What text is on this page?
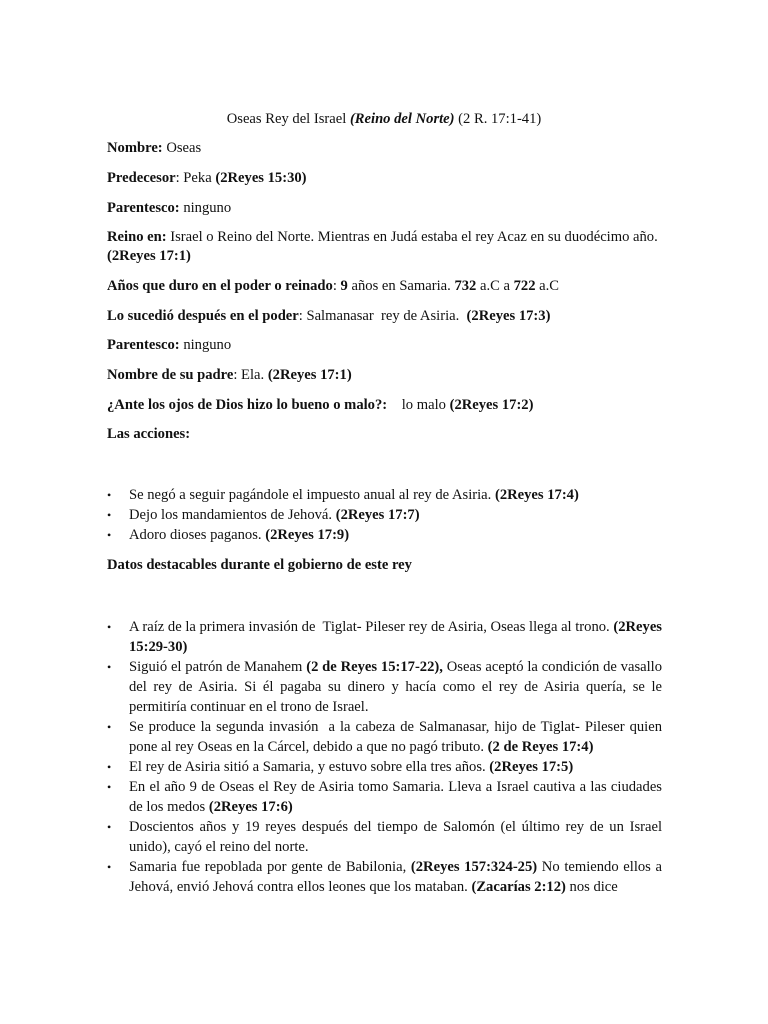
Oseas Rey del Israel (Reino del Norte) (2 R. 17:1-41)
Nombre: Oseas
Predecesor: Peka (2Reyes 15:30)
Parentesco: ninguno
Reino en: Israel o Reino del Norte. Mientras en Judá estaba el rey Acaz en su duodécimo año. (2Reyes 17:1)
Años que duro en el poder o reinado: 9 años en Samaria. 732 a.C a 722 a.C
Lo sucedió después en el poder: Salmanasar  rey de Asiria.  (2Reyes 17:3)
Parentesco: ninguno
Nombre de su padre: Ela. (2Reyes 17:1)
¿Ante los ojos de Dios hizo lo bueno o malo?:    lo malo (2Reyes 17:2)
Las acciones:
• Se negó a seguir pagándole el impuesto anual al rey de Asiria. (2Reyes 17:4)
• Dejo los mandamientos de Jehová. (2Reyes 17:7)
• Adoro dioses paganos. (2Reyes 17:9)
Datos destacables durante el gobierno de este rey
• A raíz de la primera invasión de  Tiglat- Pileser rey de Asiria, Oseas llega al trono. (2Reyes 15:29-30)
• Siguió el patrón de Manahem (2 de Reyes 15:17-22), Oseas aceptó la condición de vasallo del rey de Asiria. Si él pagaba su dinero y hacía como el rey de Asiria quería, se le permitiría continuar en el trono de Israel.
• Se produce la segunda invasión  a la cabeza de Salmanasar, hijo de Tiglat- Pileser quien pone al rey Oseas en la Cárcel, debido a que no pagó tributo. (2 de Reyes 17:4)
• El rey de Asiria sitió a Samaria, y estuvo sobre ella tres años. (2Reyes 17:5)
• En el año 9 de Oseas el Rey de Asiria tomo Samaria. Lleva a Israel cautiva a las ciudades de los medos (2Reyes 17:6)
• Doscientos años y 19 reyes después del tiempo de Salomón (el último rey de un Israel unido), cayó el reino del norte.
• Samaria fue repoblada por gente de Babilonia, (2Reyes 157:324-25) No temiendo ellos a Jehová, envió Jehová contra ellos leones que los mataban. (Zacarías 2:12) nos dice
